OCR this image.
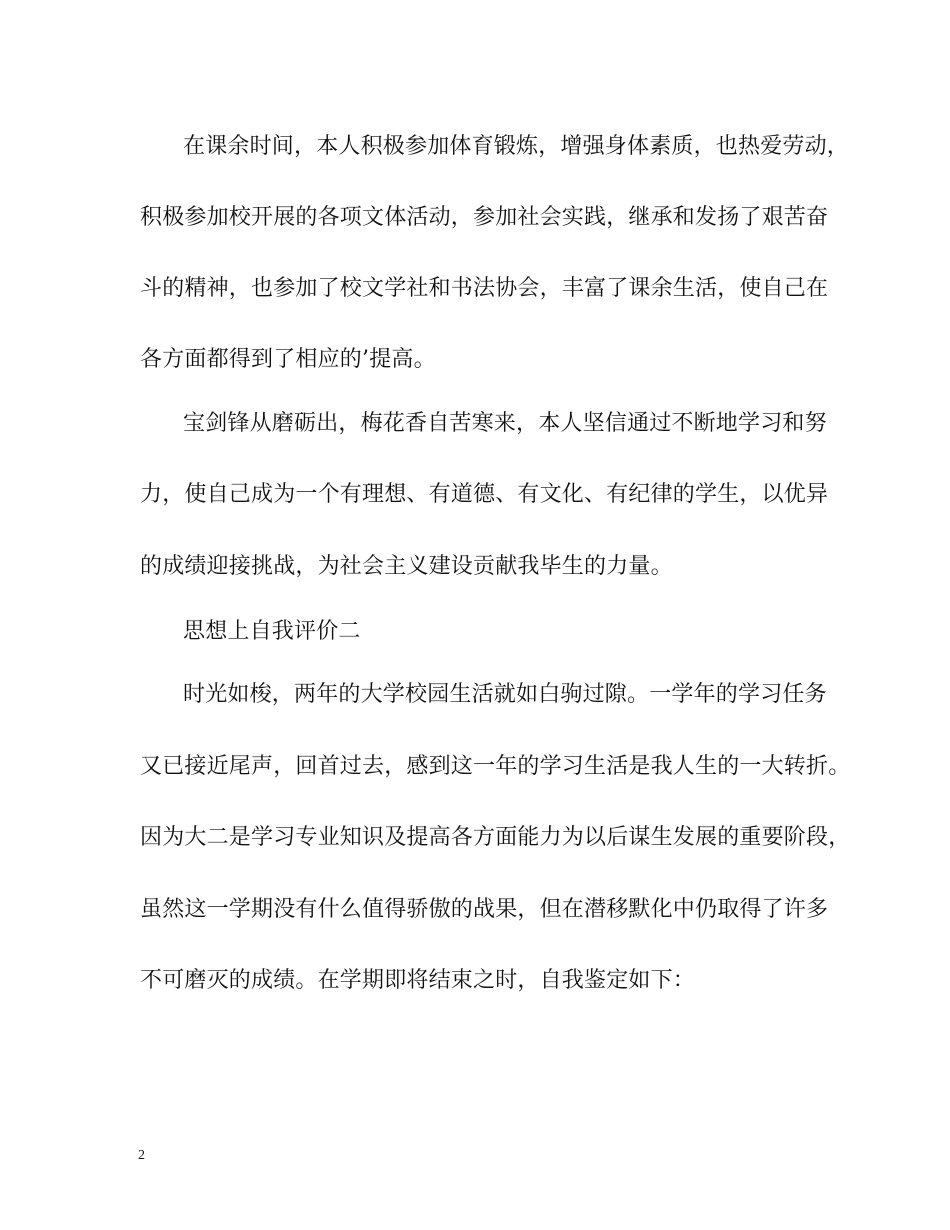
在课余时间，本人积极参加体育锻炼，增强身体素质，也热爱劳动，
积极参加校开展的各项文体活动，参加社会实践，继承和发扬了艰苦奋
斗的精神，也参加了校文学社和书法协会，丰富了课余生活，使自己在
各方面都得到了相应的’提高。
宝剑锋从磨砺出，梅花香自苦寒来，本人坚信通过不断地学习和努
力，使自己成为一个有理想、有道德、有文化、有纪律的学生，以优异
的成绩迎接挑战，为社会主义建设贡献我毕生的力量。
思想上自我评价二
时光如梭，两年的大学校园生活就如白驹过隙。一学年的学习任务
又已接近尾声，回首过去，感到这一年的学习生活是我人生的一大转折。
因为大二是学习专业知识及提高各方面能力为以后谋生发展的重要阶段，
虽然这一学期没有什么值得骄傲的战果，但在潜移默化中仍取得了许多
不可磨灭的成绩。在学期即将结束之时，自我鉴定如下：
2
